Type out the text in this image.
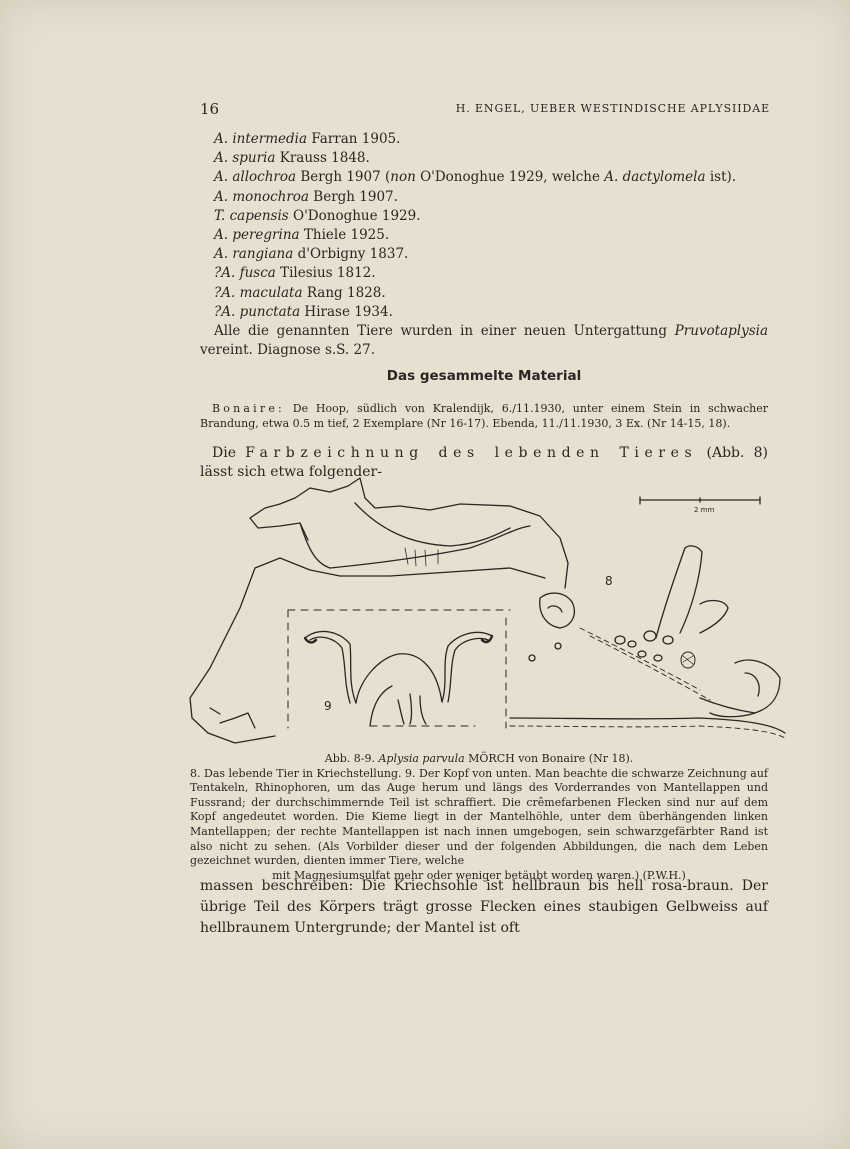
16	H. ENGEL, UEBER WESTINDISCHE APLYSIIDAE
A. intermedia Farran 1905.
A. spuria Krauss 1848.
A. allochroa Bergh 1907 (non O'Donoghue 1929, welche A. dactylomela ist).
A. monochroa Bergh 1907.
T. capensis O'Donoghue 1929.
A. peregrina Thiele 1925.
A. rangiana d'Orbigny 1837.
?A. fusca Tilesius 1812.
?A. maculata Rang 1828.
?A. punctata Hirase 1934.

Alle die genannten Tiere wurden in einer neuen Untergattung Pruvotaplysia vereint. Diagnose s.S. 27.

Das gesammelte Material

Bonaire: De Hoop, südlich von Kralendijk, 6./11.1930, unter einem Stein in schwacher Brandung, etwa 0.5 m tief, 2 Exemplare (Nr 16-17). Ebenda, 11./11.1930, 3 Ex. (Nr 14-15, 18).

Die Farbzeichnung des lebenden Tieres (Abb. 8) lässt sich etwa folgender-

2 mm
8
9
Abb. 8-9. Aplysia parvula MÖRCH von Bonaire (Nr 18).
8. Das lebende Tier in Kriechstellung. 9. Der Kopf von unten. Man beachte die schwarze Zeichnung auf Tentakeln, Rhinophoren, um das Auge herum und längs des Vorderrandes von Mantellappen und Fussrand; der durchschimmernde Teil ist schraffiert. Die crêmefarbenen Flecken sind nur auf dem Kopf angedeutet worden. Die Kieme liegt in der Mantelhöhle, unter dem überhängenden linken Mantellappen; der rechte Mantellappen ist nach innen umgebogen, sein schwarzgefärbter Rand ist also nicht zu sehen. (Als Vorbilder dieser und der folgenden Abbildungen, die nach dem Leben gezeichnet wurden, dienten immer Tiere, welche
mit Magnesiumsulfat mehr oder weniger betäubt worden waren.) (P.W.H.)

massen beschreiben: Die Kriechsohle ist hellbraun bis hell rosa-braun. Der übrige Teil des Körpers trägt grosse Flecken eines staubigen Gelbweiss auf hellbraunem Untergrunde; der Mantel ist oft
